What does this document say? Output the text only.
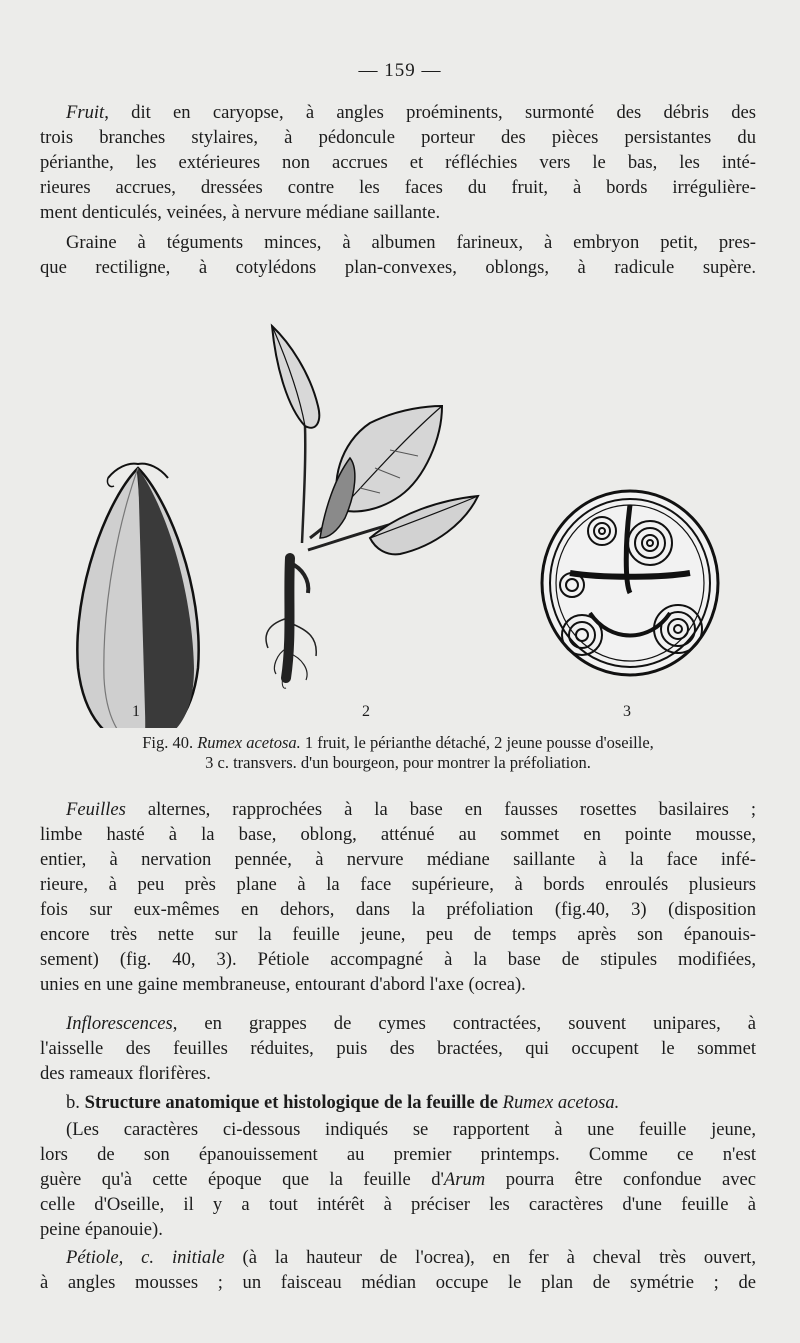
— 159 —
Fruit, dit en caryopse, à angles proéminents, surmonté des débris des
trois branches stylaires, à pédoncule porteur des pièces persistantes du
périanthe, les extérieures non accrues et réfléchies vers le bas, les inté-
rieures accrues, dressées contre les faces du fruit, à bords irrégulière-
ment denticulés, veinées, à nervure médiane saillante.
Graine à téguments minces, à albumen farineux, à embryon petit, pres-
que rectiligne, à cotylédons plan-convexes, oblongs, à radicule supère.
1	2	3
Fig. 40. Rumex acetosa. 1 fruit, le périanthe détaché, 2 jeune pousse d'oseille,
3 c. transvers. d'un bourgeon, pour montrer la préfoliation.
Feuilles alternes, rapprochées à la base en fausses rosettes basilaires ;
limbe hasté à la base, oblong, atténué au sommet en pointe mousse,
entier, à nervation pennée, à nervure médiane saillante à la face infé-
rieure, à peu près plane à la face supérieure, à bords enroulés plusieurs
fois sur eux-mêmes en dehors, dans la préfoliation (fig.40, 3) (disposition
encore très nette sur la feuille jeune, peu de temps après son épanouis-
sement) (fig. 40, 3). Pétiole accompagné à la base de stipules modifiées,
unies en une gaine membraneuse, entourant d'abord l'axe (ocrea).
Inflorescences, en grappes de cymes contractées, souvent unipares, à
l'aisselle des feuilles réduites, puis des bractées, qui occupent le sommet
des rameaux florifères.
b. Structure anatomique et histologique de la feuille de Rumex acetosa.
(Les caractères ci-dessous indiqués se rapportent à une feuille jeune,
lors de son épanouissement au premier printemps. Comme ce n'est
guère qu'à cette époque que la feuille d'Arum pourra être confondue avec
celle d'Oseille, il y a tout intérêt à préciser les caractères d'une feuille à
peine épanouie).
Pétiole, c. initiale (à la hauteur de l'ocrea), en fer à cheval très ouvert,
à angles mousses ; un faisceau médian occupe le plan de symétrie ; de
